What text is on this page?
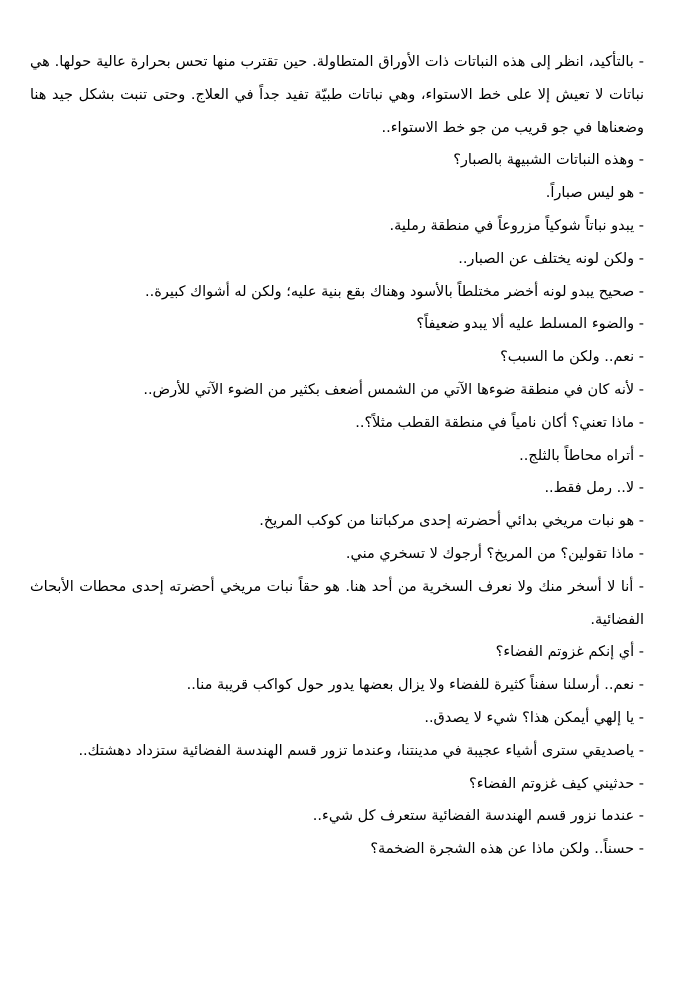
- بالتأكيد، انظر إلى هذه النباتات ذات الأوراق المتطاولة. حين تقترب منها تحس بحرارة عالية حولها. هي نباتات لا تعيش إلا على خط الاستواء، وهي نباتات طبيّة تفيد جداً في العلاج. وحتى تنبت بشكل جيد هنا وضعناها في جو قريب من جو خط الاستواء..

- وهذه النباتات الشبيهة بالصبار؟

- هو ليس صباراً.

- يبدو نباتاً شوكياً مزروعاً في منطقة رملية.

- ولكن لونه يختلف عن الصبار..

- صحيح يبدو لونه أخضر مختلطاً بالأسود وهناك بقع بنية عليه؛ ولكن له أشواك كبيرة..

- والضوء المسلط عليه ألا يبدو ضعيفاً؟

- نعم.. ولكن ما السبب؟

- لأنه كان في منطقة ضوءها الآتي من الشمس أضعف بكثير من الضوء الآتي للأرض..

- ماذا تعني؟ أكان نامياً في منطقة القطب مثلاً؟..

- أتراه محاطاً بالثلج..

- لا.. رمل فقط..

- هو نبات مريخي بدائي أحضرته إحدى مركباتنا من كوكب المريخ.

- ماذا تقولين؟ من المريخ؟ أرجوك لا تسخري مني.

- أنا لا أسخر منك ولا نعرف السخرية من أحد هنا. هو حقاً نبات مريخي أحضرته إحدى محطات الأبحاث الفضائية.

- أي إنكم غزوتم الفضاء؟

- نعم.. أرسلنا سفناً كثيرة للفضاء ولا يزال بعضها يدور حول كواكب قريبة منا..

- يا إلهي أيمكن هذا؟ شيء لا يصدق..

- ياصديقي سترى أشياء عجيبة في مدينتنا، وعندما تزور قسم الهندسة الفضائية ستزداد دهشتك..

- حدثيني كيف غزوتم الفضاء؟

- عندما نزور قسم الهندسة الفضائية ستعرف كل شيء..

- حسناً.. ولكن ماذا عن هذه الشجرة الضخمة؟
